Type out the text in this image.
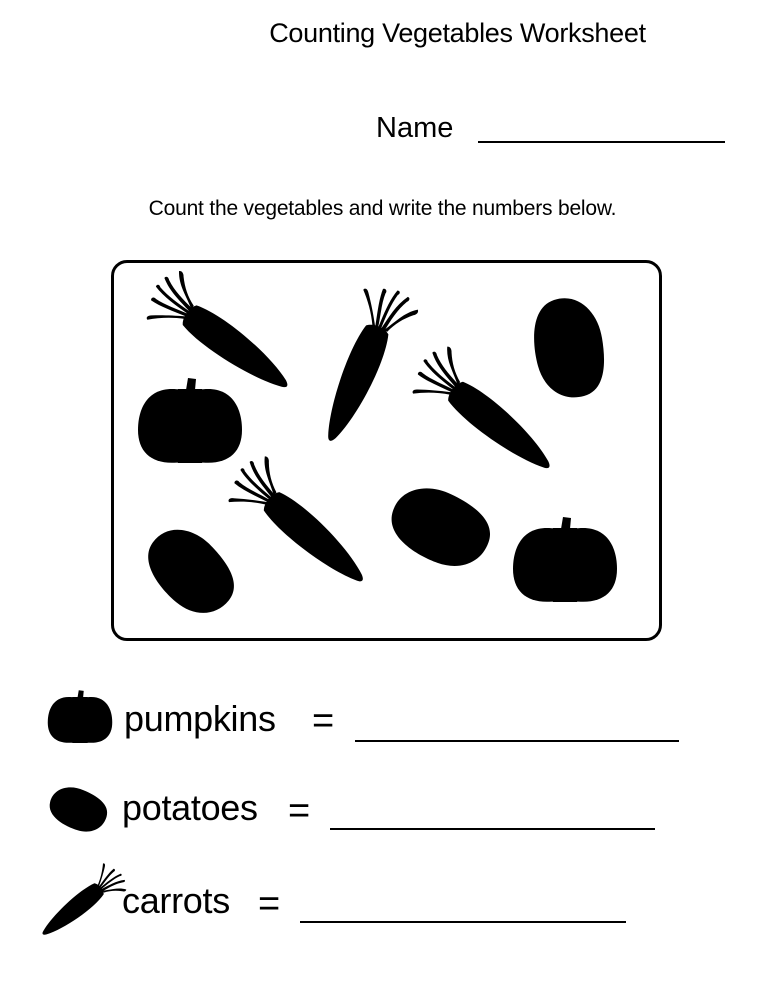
Counting Vegetables Worksheet
Name
Count the vegetables and write the numbers below.
pumpkins =
potatoes =
carrots =
